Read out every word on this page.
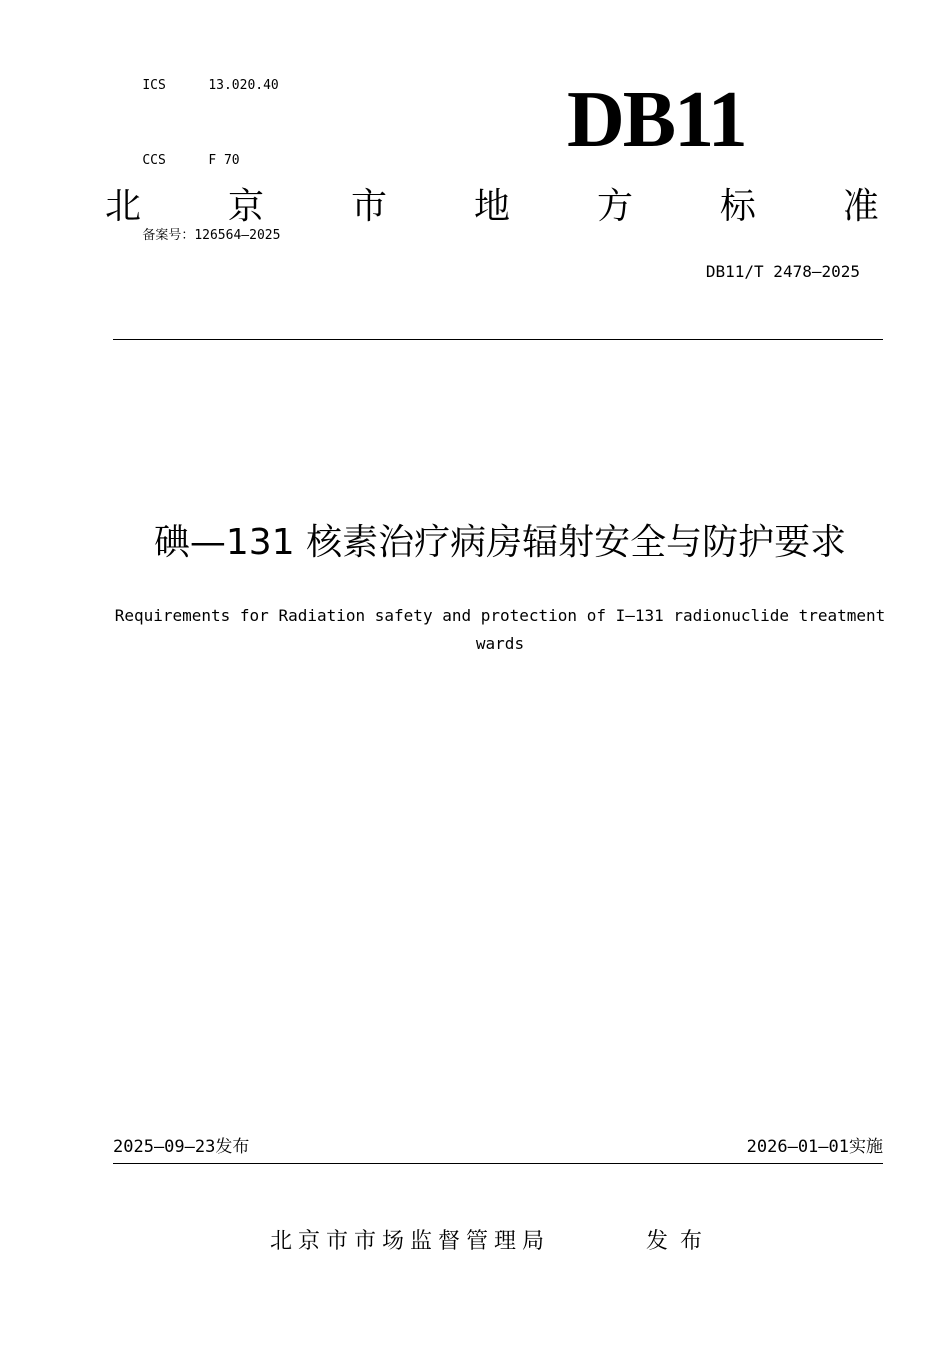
ICS	13.020.40

CCS	F 70

备案号：126564—2025

DB11
北 京 市 地 方 标 准
DB11/T 2478—2025
碘—131 核素治疗病房辐射安全与防护要求
Requirements for Radiation safety and protection of I—131 radionuclide treatment wards
2025—09—23发布	2026—01—01实施
北京市市场监督管理局	发布
